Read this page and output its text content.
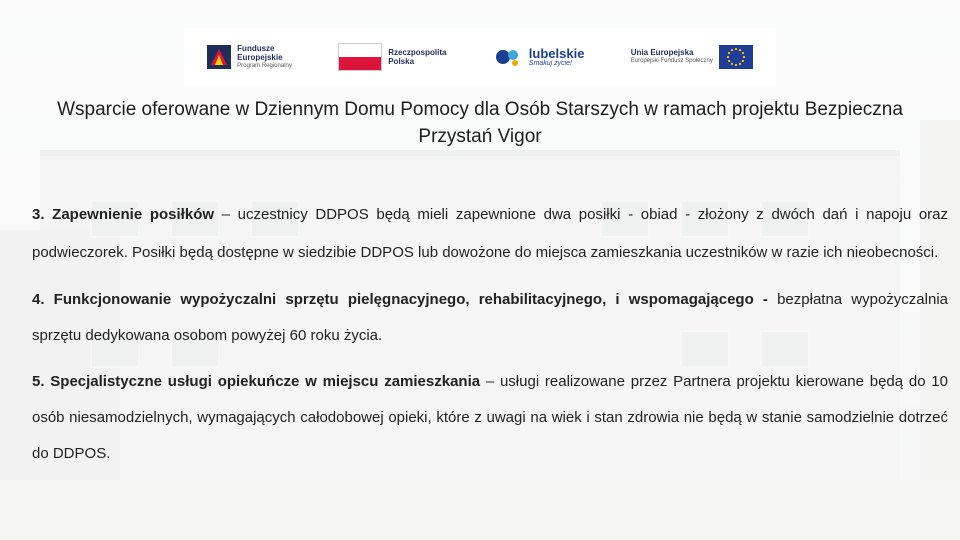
Fundusze
Europejskie
Program Regionalny
Rzeczpospolita
Polska
lubelskie
Smakuj życie!
Unia Europejska
Europejski Fundusz Społeczny
Wsparcie oferowane w Dziennym Domu Pomocy dla Osób Starszych w ramach projektu Bezpieczna Przystań Vigor

3. Zapewnienie posiłków – uczestnicy DDPOS będą mieli zapewnione dwa posiłki - obiad - złożony z dwóch dań i napoju oraz podwieczorek. Posiłki będą dostępne w siedzibie DDPOS lub dowożone do miejsca zamieszkania uczestników w razie ich nieobecności.

4. Funkcjonowanie wypożyczalni sprzętu pielęgnacyjnego, rehabilitacyjnego, i wspomagającego - bezpłatna wypożyczalnia sprzętu dedykowana osobom powyżej 60 roku życia.

5. Specjalistyczne usługi opiekuńcze w miejscu zamieszkania – usługi realizowane przez Partnera projektu kierowane będą do 10 osób niesamodzielnych, wymagających całodobowej opieki, które z uwagi na wiek i stan zdrowia nie będą w stanie samodzielnie dotrzeć do DDPOS.
